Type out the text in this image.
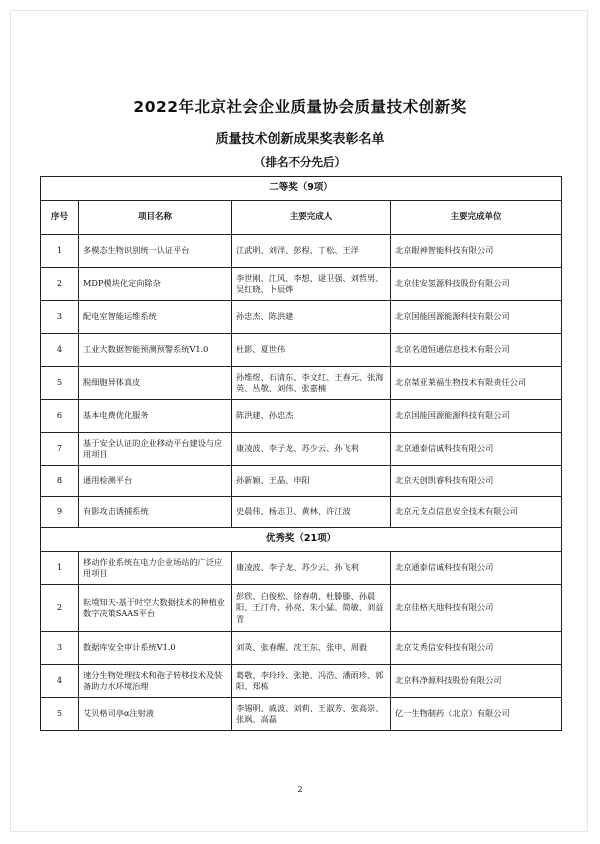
2022年北京社会企业质量协会质量技术创新奖
质量技术创新成果奖表彰名单
（排名不分先后）
二等奖（9项）			
序号	项目名称	主要完成人	主要完成单位
1	多模态生物识别统一认证平台	江武明、刘洋、彭程、丁松、王洋	北京眼神智能科技有限公司
2	MDP模块化定向除杂	李世刚、江风、李想、逯卫强、刘哲男、吴红晓、卜辰烨	北京佳安氢源科技股份有限公司
3	配电室智能运维系统	孙忠杰、陈洪建	北京国能国源能源科技有限公司
4	工业大数据智能预测预警系统V1.0	杜影、夏世伟	北京名道恒通信息技术有限公司
5	脱细胞异体真皮	孙维煜、石清东、李文红、王春元、张海英、丛敬、刘伟、张嘉楠	北京桀亚莱福生物技术有限责任公司
6	基本电费优化服务	陈洪建、孙忠杰	北京国能国源能源科技有限公司
7	基于安全认证的企业移动平台建设与应用项目	康凌波、李子龙、苏少云、孙飞利	北京通泰信诚科技有限公司
8	通用检测平台	孙新颖、王晶、申阳	北京天创凯睿科技有限公司
9	有影攻击诱捕系统	史晨伟、杨志卫、黄林、许江波	北京元支点信息安全技术有限公司
优秀奖（21项）			
1	移动作业系统在电力企业场站的广泛应用项目	康凌波、李子龙、苏少云、孙飞利	北京通泰信诚科技有限公司
2	耘境知天-基于时空大数据技术的种植业数字决策SAAS平台	彭欣、白俊松、徐春萌、杜滕滕、孙晨阳、王汀舟、孙亮、朱小猛、简敏、刘益青	北京佳格天地科技有限公司
3	数据库安全审计系统V1.0	刘英、张春醒、沈王东、张申、周毅	北京艾秀信安科技有限公司
4	速分生物处理技术和孢子转移技术及装备助力水环境治理	葛敬、李玲玲、张艳、冯浩、潘雨珍、郭阳、郑栋	北京科净源科技股份有限公司
5	艾贝格司亭α注射液	李锡明、戚波、刘莉、王淑芳、张高崇、张飒、高磊	亿一生物制药（北京）有限公司
2
